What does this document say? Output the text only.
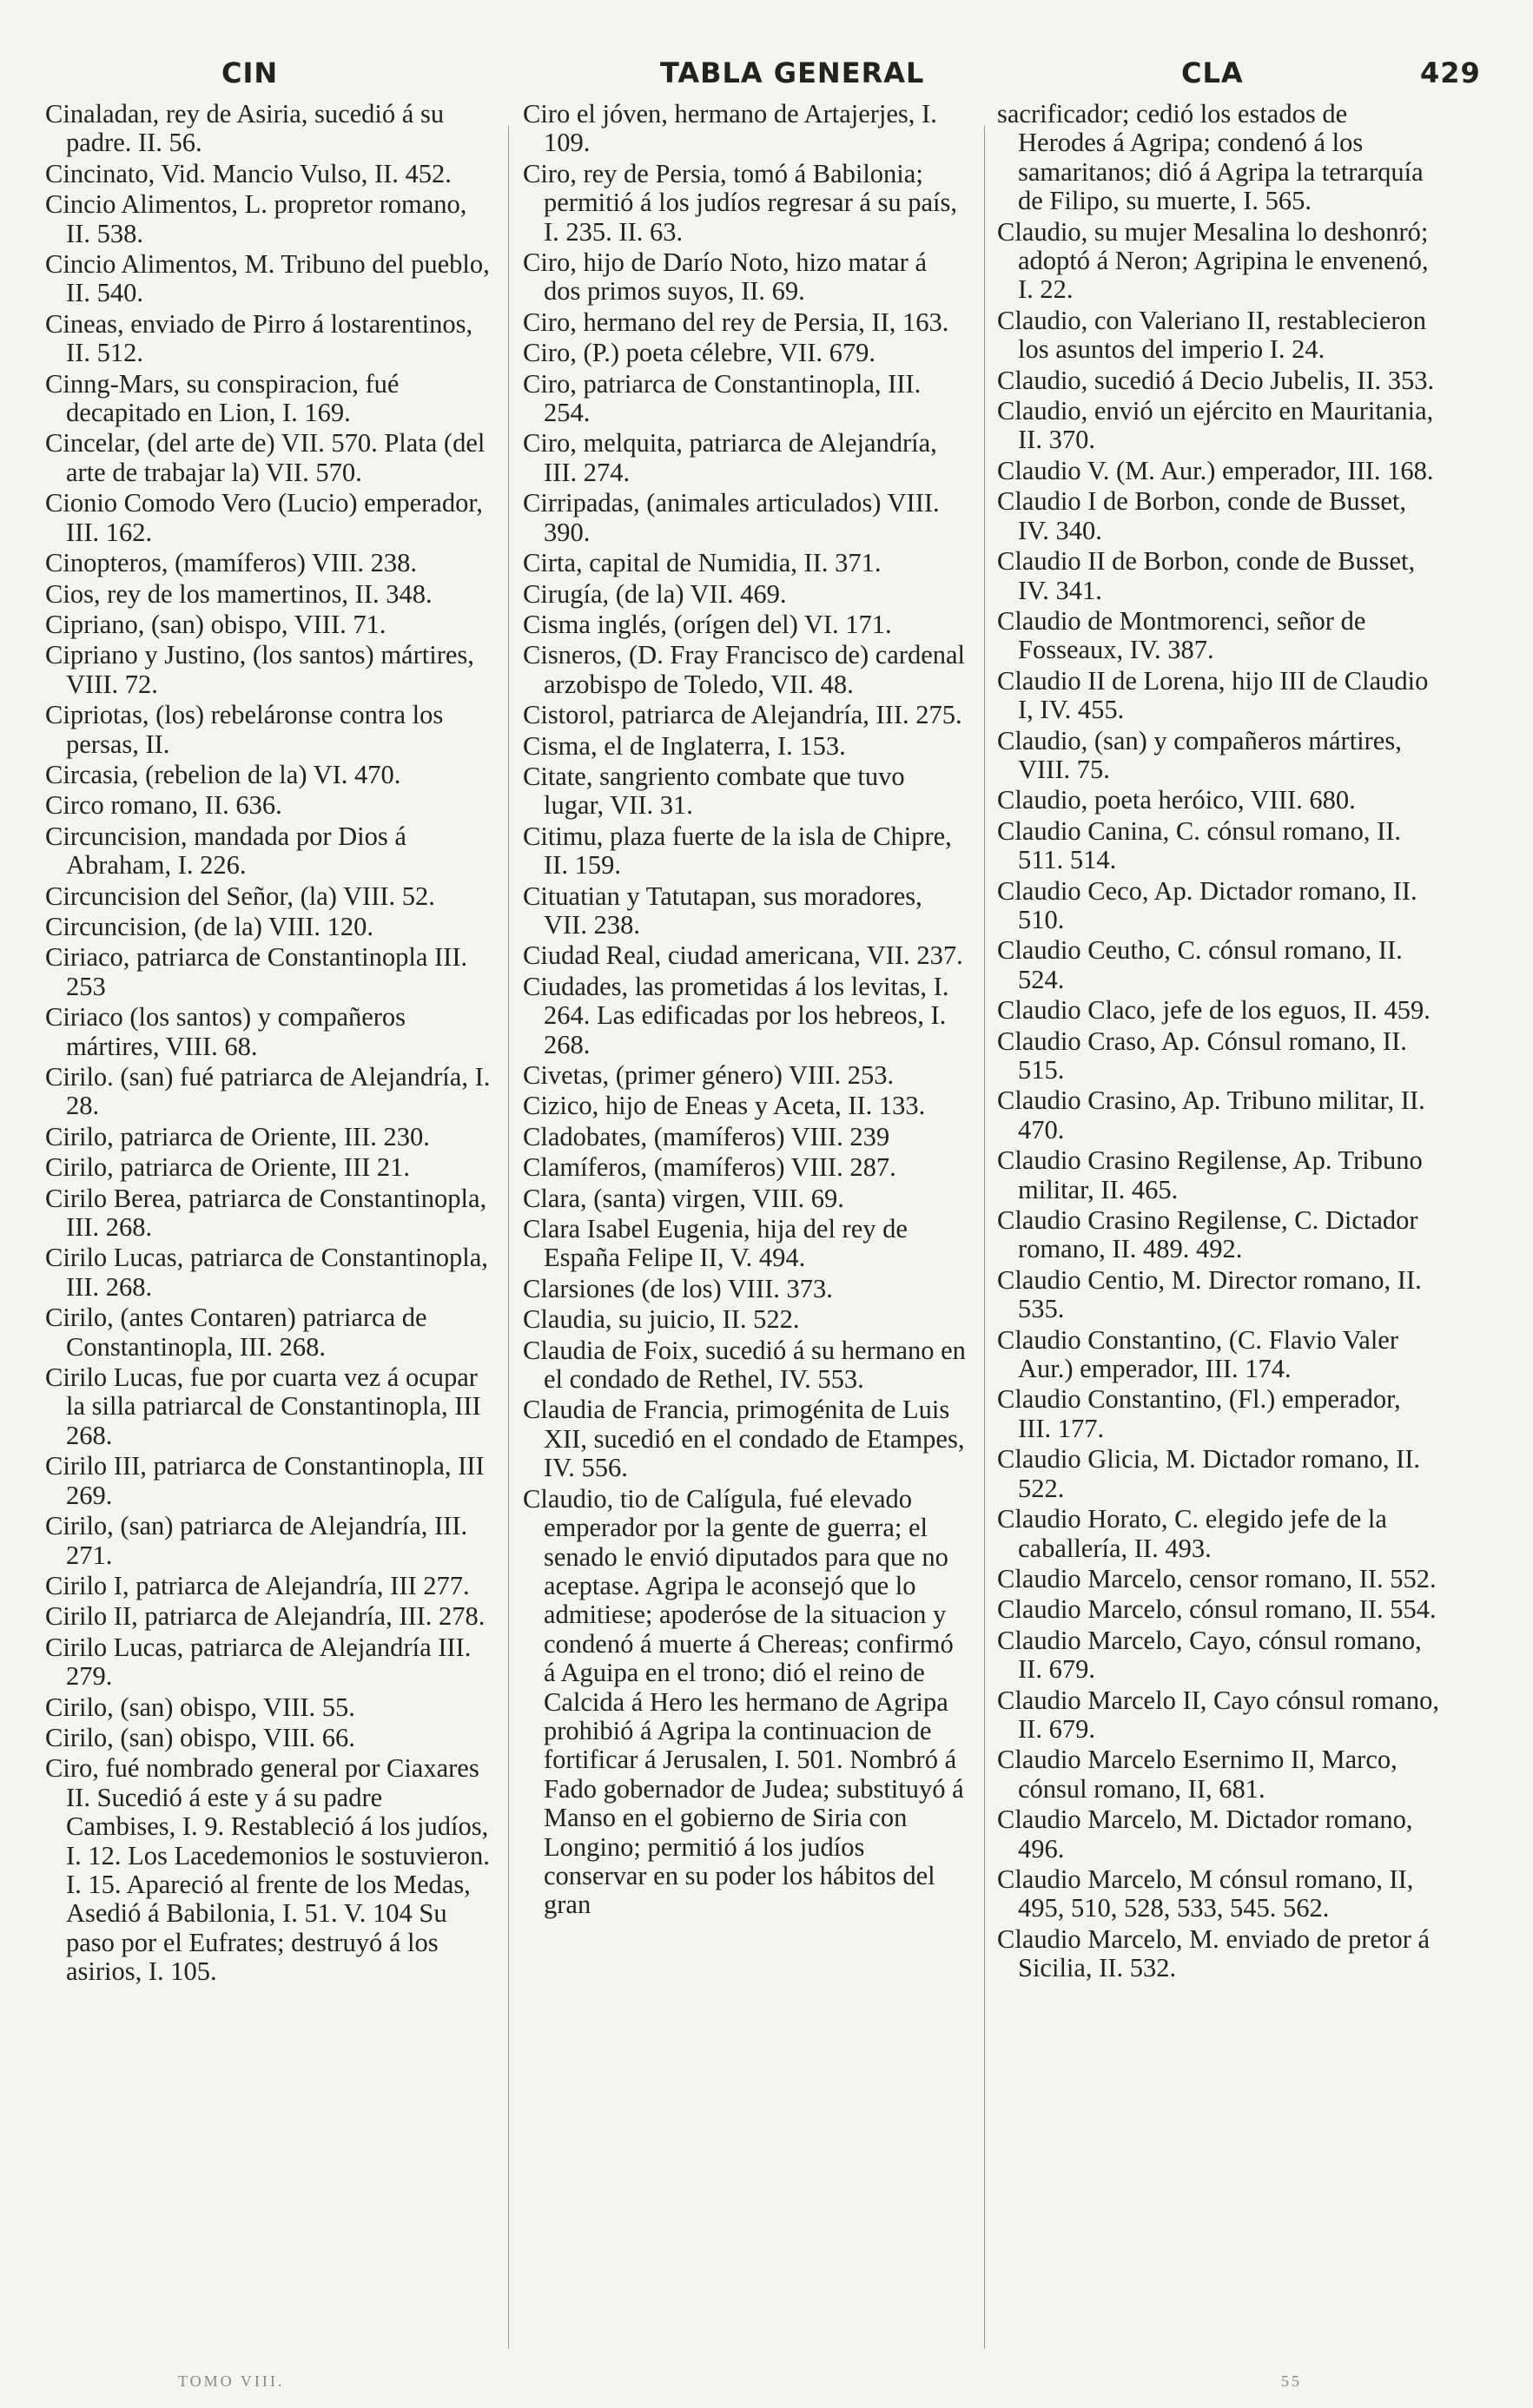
CIN	TABLA GENERAL	CLA	429
Cinaladan, rey de Asiria, sucedió á su padre. II. 56.
Cincinato, Vid. Mancio Vulso, II. 452.
Cincio Alimentos, L. propretor romano, II. 538.
Cincio Alimentos, M. Tribuno del pueblo, II. 540.
Cineas, enviado de Pirro á lostarentinos, II. 512.
Cinng-Mars, su conspiracion, fué decapitado en Lion, I. 169.
Cincelar, (del arte de) VII. 570. Plata (del arte de trabajar la) VII. 570.
Cionio Comodo Vero (Lucio) emperador, III. 162.
Cinopteros, (mamíferos) VIII. 238.
Cios, rey de los mamertinos, II. 348.
Cipriano, (san) obispo, VIII. 71.
Cipriano y Justino, (los santos) mártires, VIII. 72.
Cipriotas, (los) rebeláronse contra los persas, II.
Circasia, (rebelion de la) VI. 470.
Circo romano, II. 636.
Circuncision, mandada por Dios á Abraham, I. 226.
Circuncision del Señor, (la) VIII. 52.
Circuncision, (de la) VIII. 120.
Ciriaco, patriarca de Constantinopla III. 253
Ciriaco (los santos) y compañeros mártires, VIII. 68.
Cirilo. (san) fué patriarca de Alejandría, I. 28.
Cirilo, patriarca de Oriente, III. 230.
Cirilo, patriarca de Oriente, III 21.
Cirilo Berea, patriarca de Constantinopla, III. 268.
Cirilo Lucas, patriarca de Constantinopla, III. 268.
Cirilo, (antes Contaren) patriarca de Constantinopla, III. 268.
Cirilo Lucas, fue por cuarta vez á ocupar la silla patriarcal de Constantinopla, III 268.
Cirilo III, patriarca de Constantinopla, III 269.
Cirilo, (san) patriarca de Alejandría, III. 271.
Cirilo I, patriarca de Alejandría, III 277.
Cirilo II, patriarca de Alejandría, III. 278.
Cirilo Lucas, patriarca de Alejandría III. 279.
Cirilo, (san) obispo, VIII. 55.
Cirilo, (san) obispo, VIII. 66.
Ciro, fué nombrado general por Ciaxares II. Sucedió á este y á su padre Cambises, I. 9. Restableció á los judíos, I. 12. Los Lacedemonios le sostuvieron. I. 15. Apareció al frente de los Medas, Asedió á Babilonia, I. 51. V. 104 Su paso por el Eufrates; destruyó á los asirios, I. 105.
Ciro el jóven, hermano de Artajerjes, I. 109.
Ciro, rey de Persia, tomó á Babilonia; permitió á los judíos regresar á su país, I. 235. II. 63.
Ciro, hijo de Darío Noto, hizo matar á dos primos suyos, II. 69.
Ciro, hermano del rey de Persia, II, 163.
Ciro, (P.) poeta célebre, VII. 679.
Ciro, patriarca de Constantinopla, III. 254.
Ciro, melquita, patriarca de Alejandría, III. 274.
Cirripadas, (animales articulados) VIII. 390.
Cirta, capital de Numidia, II. 371.
Cirugía, (de la) VII. 469.
Cisma inglés, (orígen del) VI. 171.
Cisneros, (D. Fray Francisco de) cardenal arzobispo de Toledo, VII. 48.
Cistorol, patriarca de Alejandría, III. 275.
Cisma, el de Inglaterra, I. 153.
Citate, sangriento combate que tuvo lugar, VII. 31.
Citimu, plaza fuerte de la isla de Chipre, II. 159.
Cituatian y Tatutapan, sus moradores, VII. 238.
Ciudad Real, ciudad americana, VII. 237.
Ciudades, las prometidas á los levitas, I. 264. Las edificadas por los hebreos, I. 268.
Civetas, (primer género) VIII. 253.
Cizico, hijo de Eneas y Aceta, II. 133.
Cladobates, (mamíferos) VIII. 239
Clamíferos, (mamíferos) VIII. 287.
Clara, (santa) virgen, VIII. 69.
Clara Isabel Eugenia, hija del rey de España Felipe II, V. 494.
Clarsiones (de los) VIII. 373.
Claudia, su juicio, II. 522.
Claudia de Foix, sucedió á su hermano en el condado de Rethel, IV. 553.
Claudia de Francia, primogénita de Luis XII, sucedió en el condado de Etampes, IV. 556.
Claudio, tio de Calígula, fué elevado emperador por la gente de guerra; el senado le envió diputados para que no aceptase. Agripa le aconsejó que lo admitiese; apoderóse de la situacion y condenó á muerte á Chereas; confirmó á Aguipa en el trono; dió el reino de Calcida á Hero les hermano de Agripa prohibió á Agripa la continuacion de fortificar á Jerusalen, I. 501. Nombró á Fado gobernador de Judea; substituyó á Manso en el gobierno de Siria con Longino; permitió á los judíos conservar en su poder los hábitos del gran
sacrificador; cedió los estados de Herodes á Agripa; condenó á los samaritanos; dió á Agripa la tetrarquía de Filipo, su muerte, I. 565.
Claudio, su mujer Mesalina lo deshonró; adoptó á Neron; Agripina le envenenó, I. 22.
Claudio, con Valeriano II, restablecieron los asuntos del imperio I. 24.
Claudio, sucedió á Decio Jubelis, II. 353.
Claudio, envió un ejército en Mauritania, II. 370.
Claudio V. (M. Aur.) emperador, III. 168.
Claudio I de Borbon, conde de Busset, IV. 340.
Claudio II de Borbon, conde de Busset, IV. 341.
Claudio de Montmorenci, señor de Fosseaux, IV. 387.
Claudio II de Lorena, hijo III de Claudio I, IV. 455.
Claudio, (san) y compañeros mártires, VIII. 75.
Claudio, poeta heróico, VIII. 680.
Claudio Canina, C. cónsul romano, II. 511. 514.
Claudio Ceco, Ap. Dictador romano, II. 510.
Claudio Ceutho, C. cónsul romano, II. 524.
Claudio Claco, jefe de los eguos, II. 459.
Claudio Craso, Ap. Cónsul romano, II. 515.
Claudio Crasino, Ap. Tribuno militar, II. 470.
Claudio Crasino Regilense, Ap. Tribuno militar, II. 465.
Claudio Crasino Regilense, C. Dictador romano, II. 489. 492.
Claudio Centio, M. Director romano, II. 535.
Claudio Constantino, (C. Flavio Valer Aur.) emperador, III. 174.
Claudio Constantino, (Fl.) emperador, III. 177.
Claudio Glicia, M. Dictador romano, II. 522.
Claudio Horato, C. elegido jefe de la caballería, II. 493.
Claudio Marcelo, censor romano, II. 552.
Claudio Marcelo, cónsul romano, II. 554.
Claudio Marcelo, Cayo, cónsul romano, II. 679.
Claudio Marcelo II, Cayo cónsul romano, II. 679.
Claudio Marcelo Esernimo II, Marco, cónsul romano, II, 681.
Claudio Marcelo, M. Dictador romano, 496.
Claudio Marcelo, M cónsul romano, II, 495, 510, 528, 533, 545. 562.
Claudio Marcelo, M. enviado de pretor á Sicilia, II. 532.
TOMO VIII.	55
